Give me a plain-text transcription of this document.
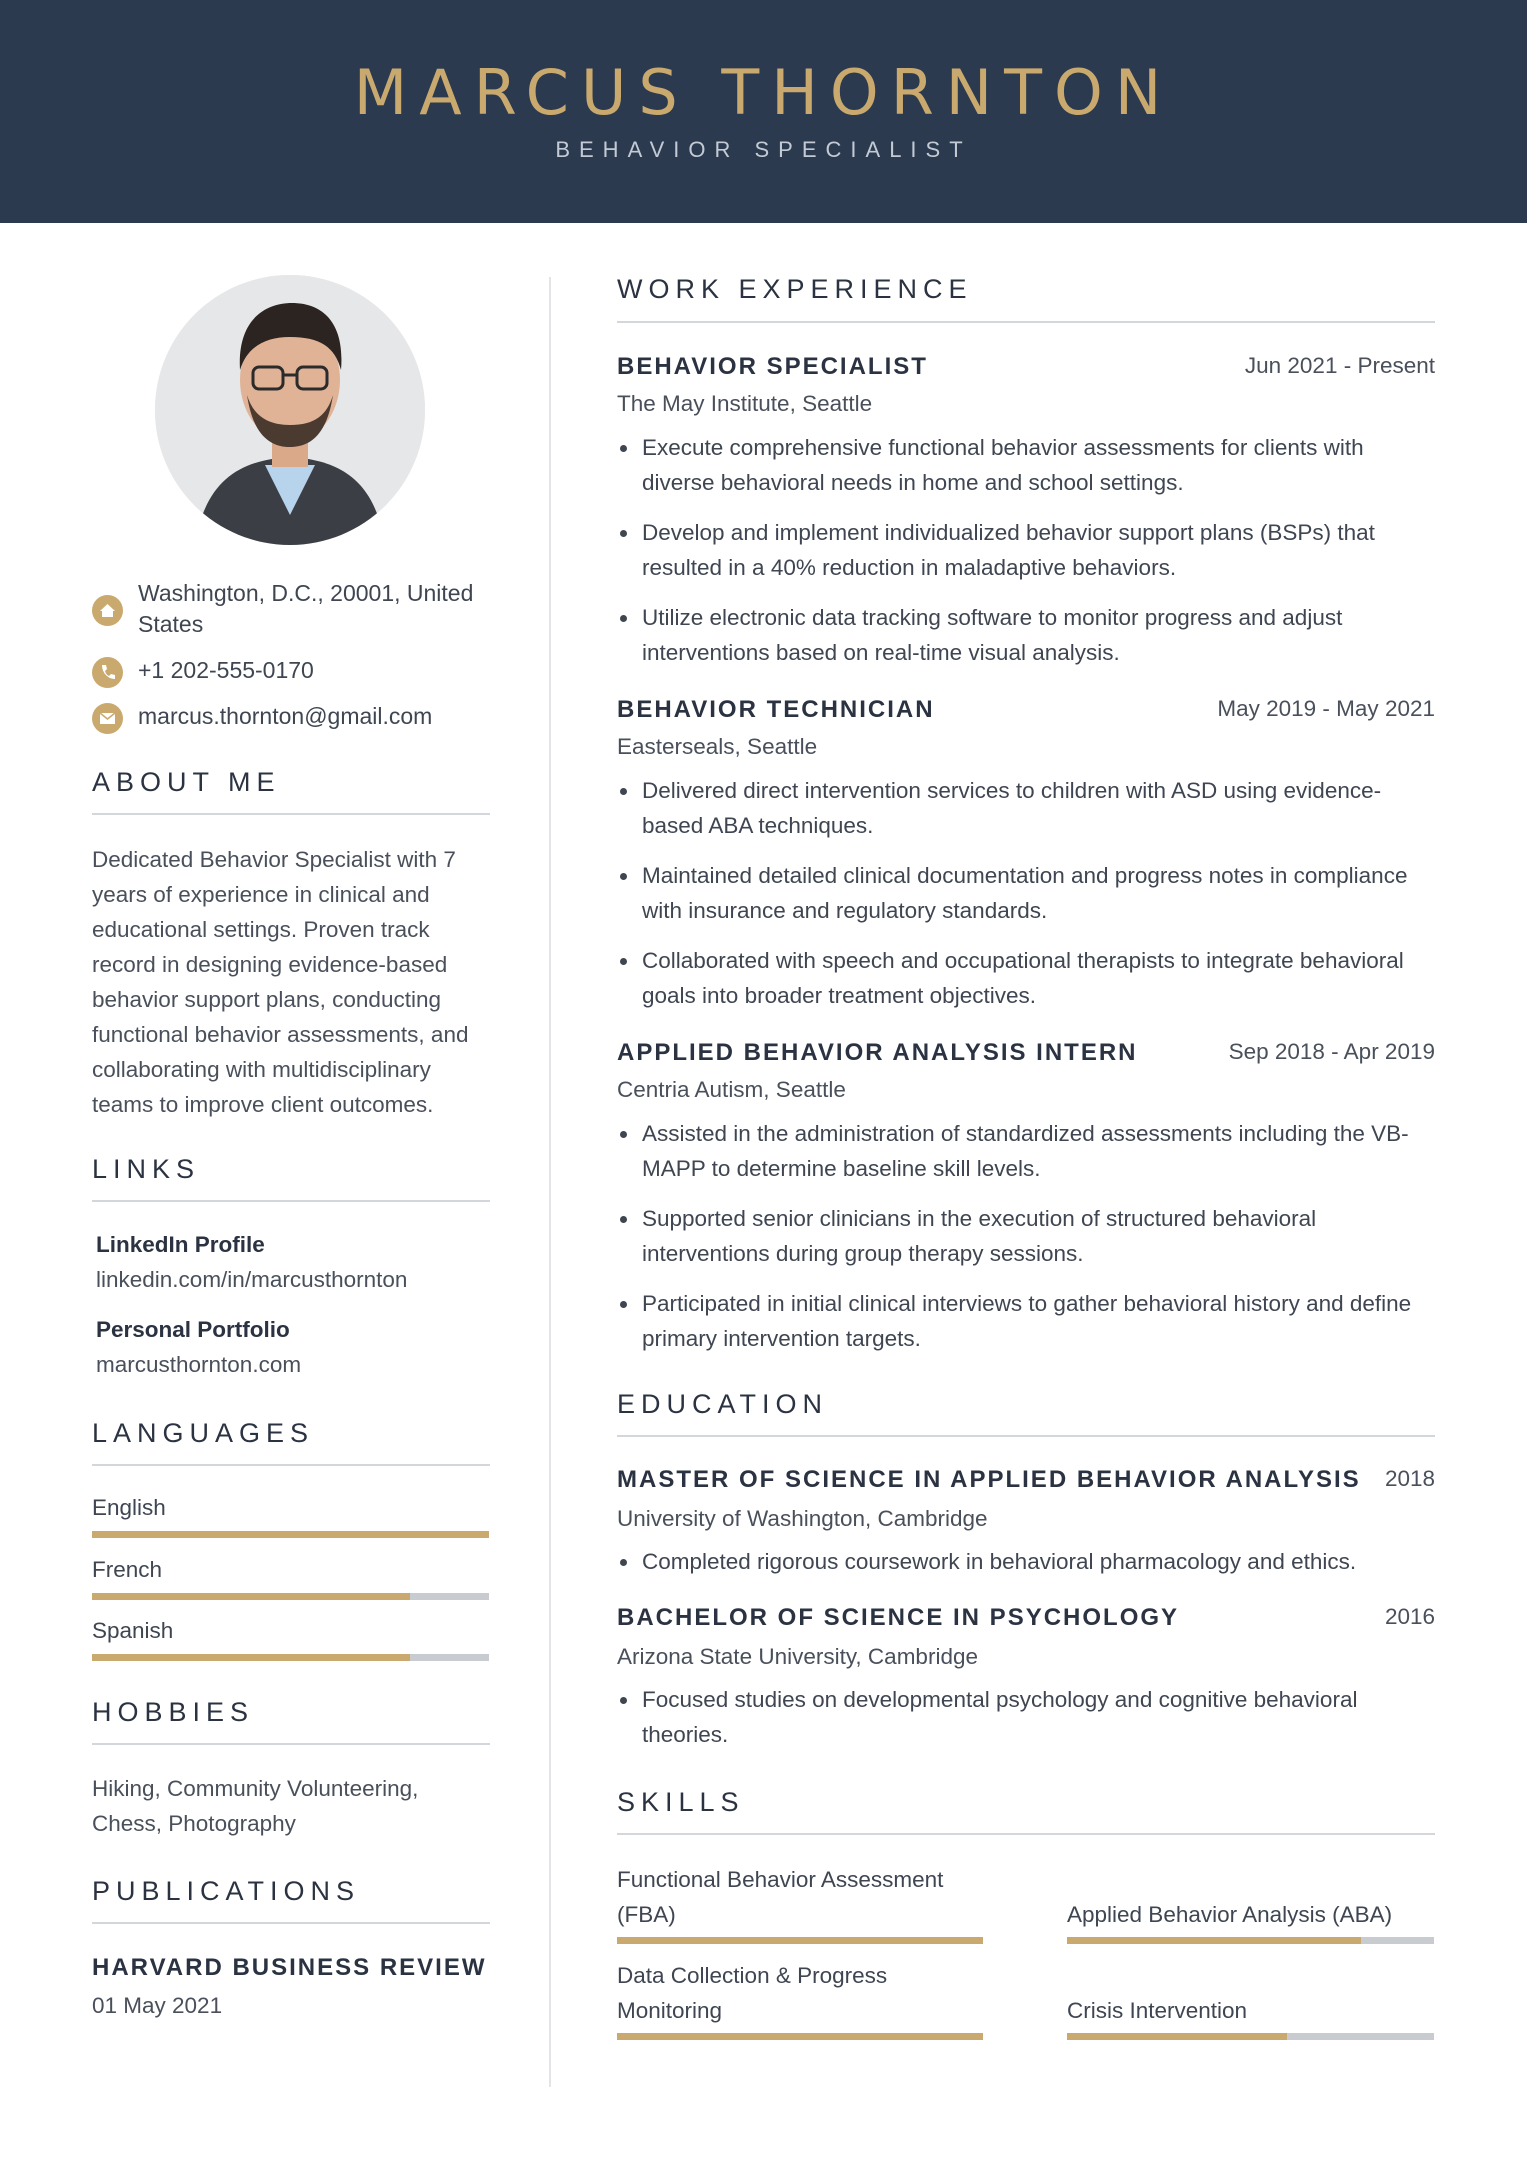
MARCUS THORNTON
BEHAVIOR SPECIALIST
Washington, D.C., 20001, United States
+1 202-555-0170
marcus.thornton@gmail.com
ABOUT ME
Dedicated Behavior Specialist with 7 years of experience in clinical and educational settings. Proven track record in designing evidence-based behavior support plans, conducting functional behavior assessments, and collaborating with multidisciplinary teams to improve client outcomes.
LINKS
LinkedIn Profile
linkedin.com/in/marcusthornton
Personal Portfolio
marcusthornton.com
LANGUAGES
English
French
Spanish
HOBBIES
Hiking, Community Volunteering, Chess, Photography
PUBLICATIONS
HARVARD BUSINESS REVIEW
01 May 2021
WORK EXPERIENCE
BEHAVIOR SPECIALIST	Jun 2021 - Present
The May Institute, Seattle
Execute comprehensive functional behavior assessments for clients with diverse behavioral needs in home and school settings.
Develop and implement individualized behavior support plans (BSPs) that resulted in a 40% reduction in maladaptive behaviors.
Utilize electronic data tracking software to monitor progress and adjust interventions based on real-time visual analysis.
BEHAVIOR TECHNICIAN	May 2019 - May 2021
Easterseals, Seattle
Delivered direct intervention services to children with ASD using evidence-based ABA techniques.
Maintained detailed clinical documentation and progress notes in compliance with insurance and regulatory standards.
Collaborated with speech and occupational therapists to integrate behavioral goals into broader treatment objectives.
APPLIED BEHAVIOR ANALYSIS INTERN	Sep 2018 - Apr 2019
Centria Autism, Seattle
Assisted in the administration of standardized assessments including the VB-MAPP to determine baseline skill levels.
Supported senior clinicians in the execution of structured behavioral interventions during group therapy sessions.
Participated in initial clinical interviews to gather behavioral history and define primary intervention targets.
EDUCATION
MASTER OF SCIENCE IN APPLIED BEHAVIOR ANALYSIS	2018
University of Washington, Cambridge
Completed rigorous coursework in behavioral pharmacology and ethics.
BACHELOR OF SCIENCE IN PSYCHOLOGY	2016
Arizona State University, Cambridge
Focused studies on developmental psychology and cognitive behavioral theories.
SKILLS
Functional Behavior Assessment (FBA)	Applied Behavior Analysis (ABA)
Data Collection & Progress Monitoring	Crisis Intervention
